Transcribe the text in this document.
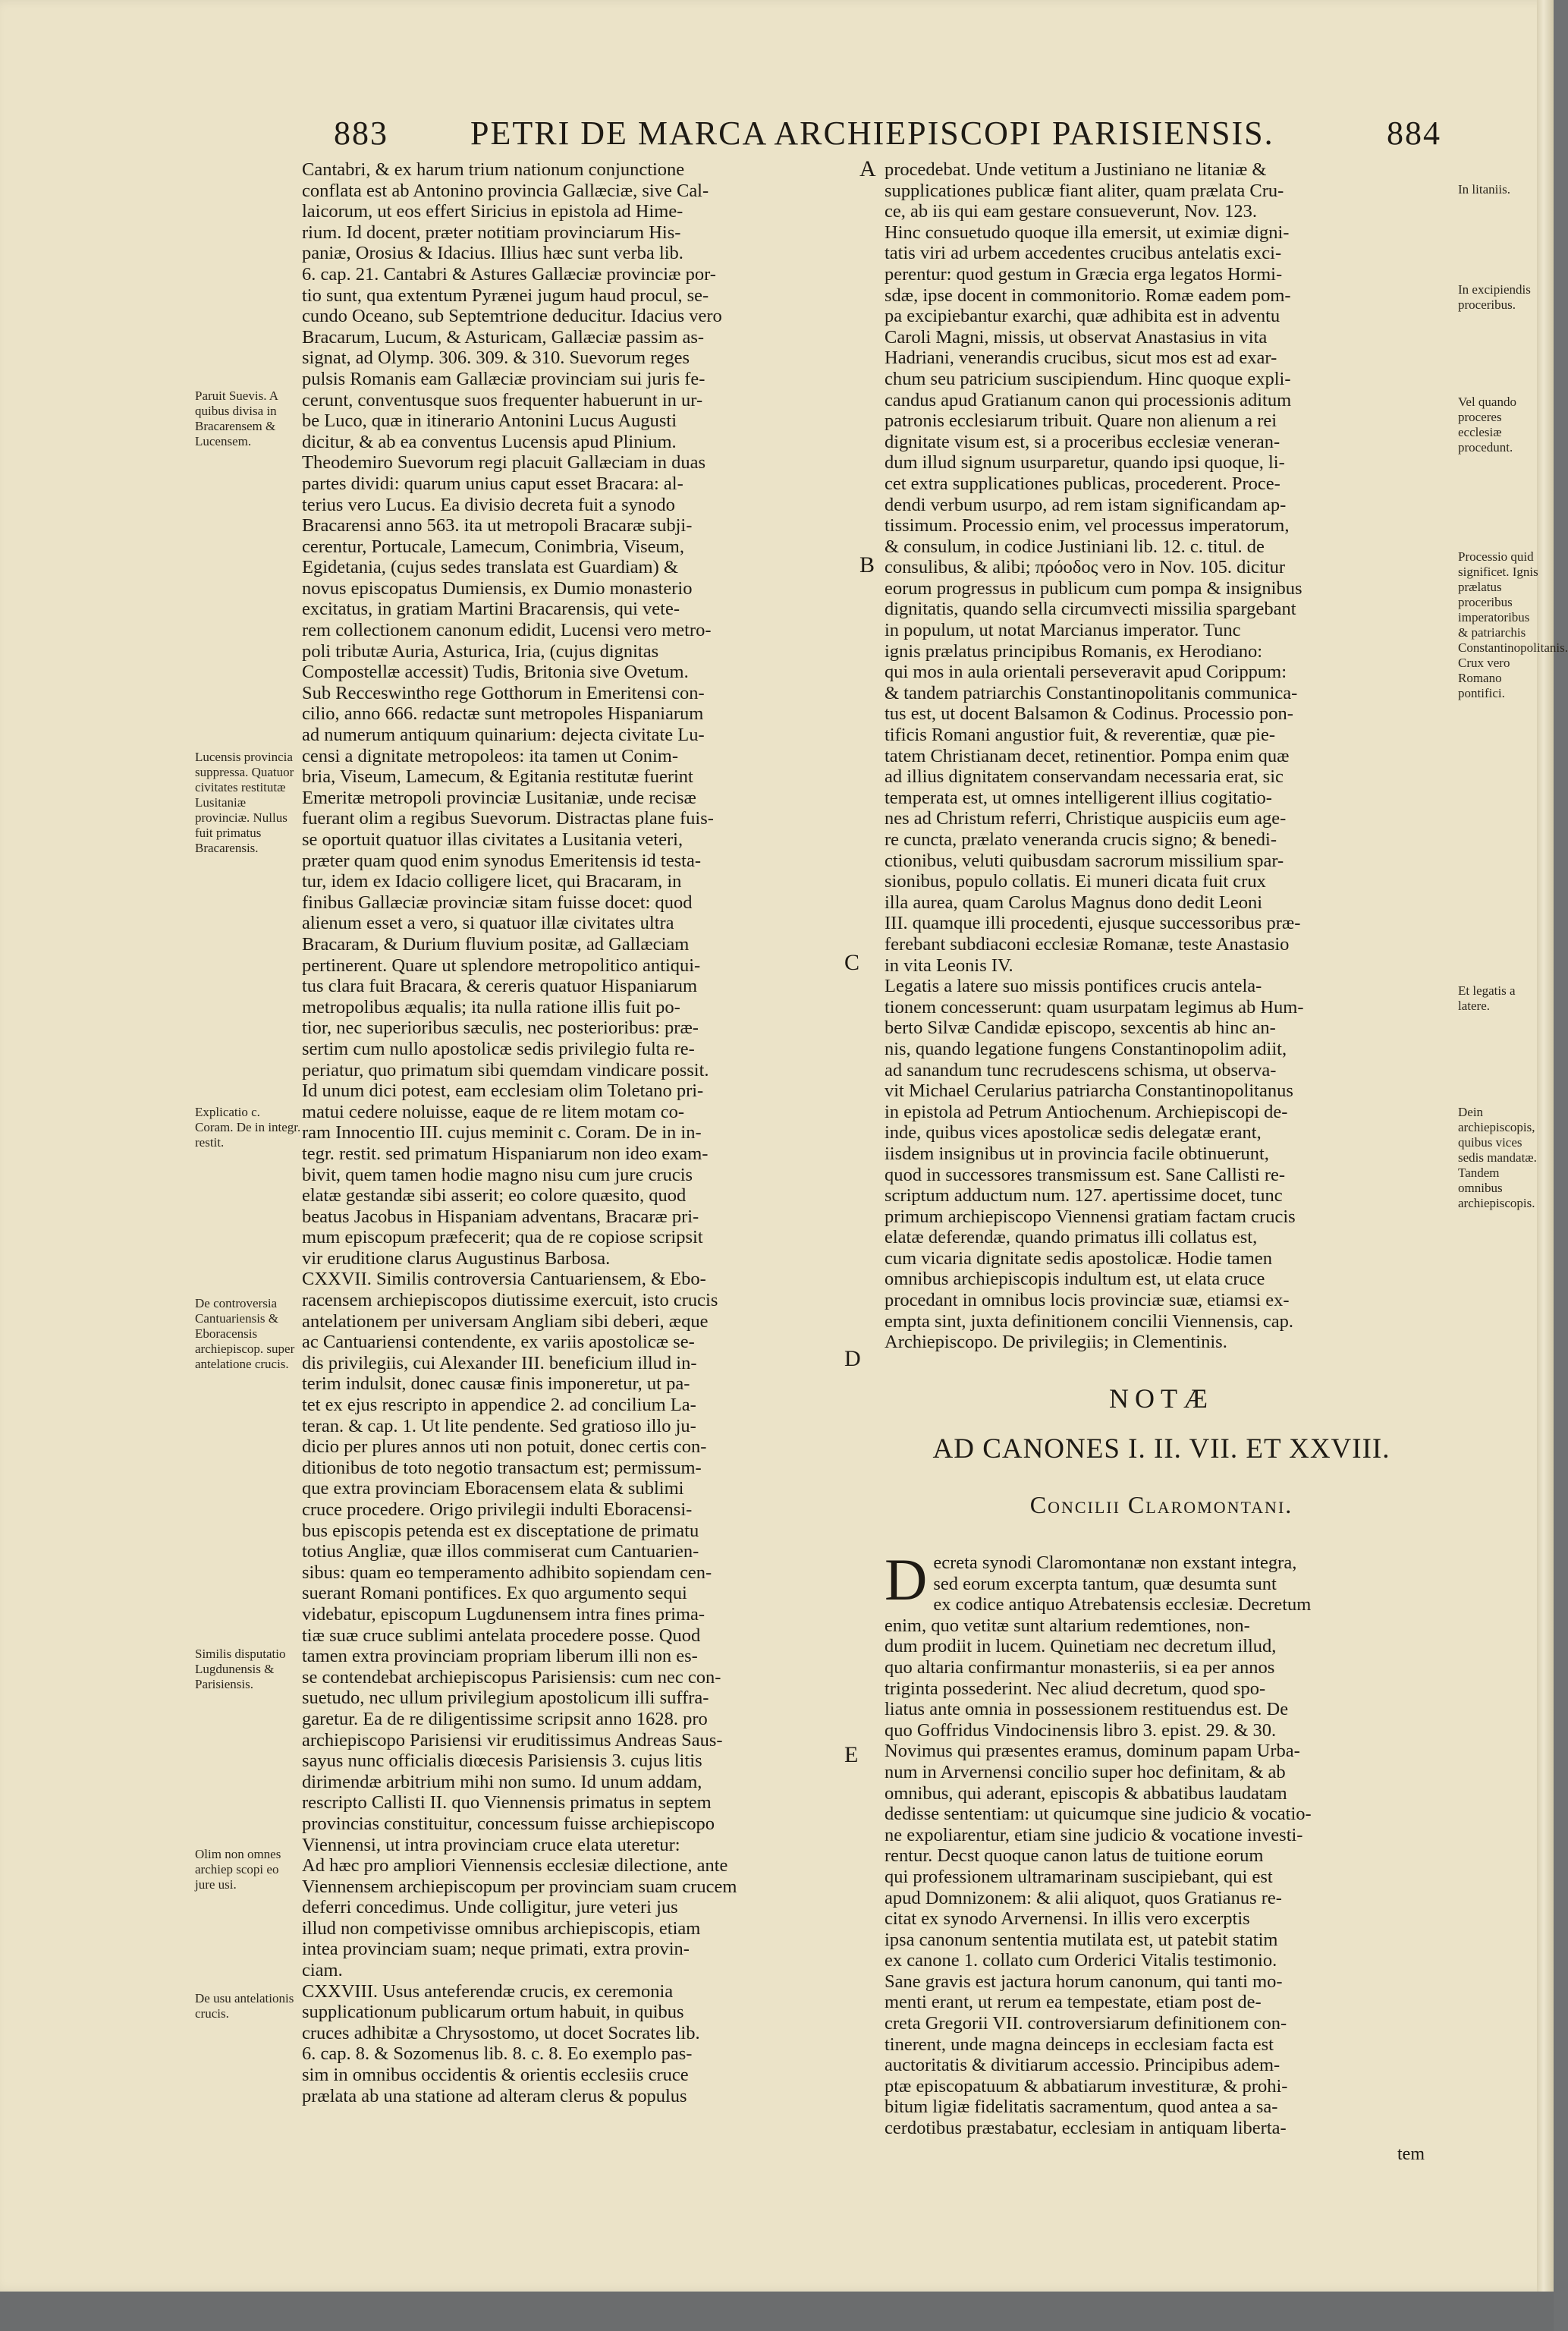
883 PETRI DE MARCA ARCHIEPISCOPI PARISIENSIS.	884
A
B
C
D
E
Cantabri, & ex harum trium nationum conjunctione
conflata est ab Antonino provincia Gallæciæ, sive Cal-
laicorum, ut eos effert Siricius in epistola ad Hime-
rium. Id docent, præter notitiam provinciarum His-
paniæ, Orosius & Idacius. Illius hæc sunt verba lib.
6. cap. 21. Cantabri & Astures Gallæciæ provinciæ por-
tio sunt, qua extentum Pyrænei jugum haud procul, se-
cundo Oceano, sub Septemtrione deducitur. Idacius vero
Bracarum, Lucum, & Asturicam, Gallæciæ passim as-
signat, ad Olymp. 306. 309. & 310. Suevorum reges
pulsis Romanis eam Gallæciæ provinciam sui juris fe-
cerunt, conventusque suos frequenter habuerunt in ur-
be Luco, quæ in itinerario Antonini Lucus Augusti
dicitur, & ab ea conventus Lucensis apud Plinium.
Theodemiro Suevorum regi placuit Gallæciam in duas
partes dividi: quarum unius caput esset Bracara: al-
terius vero Lucus. Ea divisio decreta fuit a synodo
Bracarensi anno 563. ita ut metropoli Bracaræ subji-
cerentur, Portucale, Lamecum, Conimbria, Viseum,
Egidetania, (cujus sedes translata est Guardiam) &
novus episcopatus Dumiensis, ex Dumio monasterio
excitatus, in gratiam Martini Bracarensis, qui vete-
rem collectionem canonum edidit, Lucensi vero metro-
poli tributæ Auria, Asturica, Iria, (cujus dignitas
Compostellæ accessit) Tudis, Britonia sive Ovetum.
Sub Recceswintho rege Gotthorum in Emeritensi con-
cilio, anno 666. redactæ sunt metropoles Hispaniarum
ad numerum antiquum quinarium: dejecta civitate Lu-
censi a dignitate metropoleos: ita tamen ut Conim-
bria, Viseum, Lamecum, & Egitania restitutæ fuerint
Emeritæ metropoli provinciæ Lusitaniæ, unde recisæ
fuerant olim a regibus Suevorum. Distractas plane fuis-
se oportuit quatuor illas civitates a Lusitania veteri,
præter quam quod enim synodus Emeritensis id testa-
tur, idem ex Idacio colligere licet, qui Bracaram, in
finibus Gallæciæ provinciæ sitam fuisse docet: quod
alienum esset a vero, si quatuor illæ civitates ultra
Bracaram, & Durium fluvium positæ, ad Gallæciam
pertinerent. Quare ut splendore metropolitico antiqui-
tus clara fuit Bracara, & cereris quatuor Hispaniarum
metropolibus æqualis; ita nulla ratione illis fuit po-
tior, nec superioribus sæculis, nec posterioribus: præ-
sertim cum nullo apostolicæ sedis privilegio fulta re-
periatur, quo primatum sibi quemdam vindicare possit.
Id unum dici potest, eam ecclesiam olim Toletano pri-
matui cedere noluisse, eaque de re litem motam co-
ram Innocentio III. cujus meminit c. Coram. De in in-
tegr. restit. sed primatum Hispaniarum non ideo exam-
bivit, quem tamen hodie magno nisu cum jure crucis
elatæ gestandæ sibi asserit; eo colore quæsito, quod
beatus Jacobus in Hispaniam adventans, Bracaræ pri-
mum episcopum præfecerit; qua de re copiose scripsit
vir eruditione clarus Augustinus Barbosa.
CXXVII. Similis controversia Cantuariensem, & Ebo-
racensem archiepiscopos diutissime exercuit, isto crucis
antelationem per universam Angliam sibi deberi, æque
ac Cantuariensi contendente, ex variis apostolicæ se-
dis privilegiis, cui Alexander III. beneficium illud in-
terim indulsit, donec causæ finis imponeretur, ut pa-
tet ex ejus rescripto in appendice 2. ad concilium La-
teran. & cap. 1. Ut lite pendente. Sed gratioso illo ju-
dicio per plures annos uti non potuit, donec certis con-
ditionibus de toto negotio transactum est; permissum-
que extra provinciam Eboracensem elata & sublimi
cruce procedere. Origo privilegii indulti Eboracensi-
bus episcopis petenda est ex disceptatione de primatu
totius Angliæ, quæ illos commiserat cum Cantuarien-
sibus: quam eo temperamento adhibito sopiendam cen-
suerant Romani pontifices. Ex quo argumento sequi
videbatur, episcopum Lugdunensem intra fines prima-
tiæ suæ cruce sublimi antelata procedere posse. Quod
tamen extra provinciam propriam liberum illi non es-
se contendebat archiepiscopus Parisiensis: cum nec con-
suetudo, nec ullum privilegium apostolicum illi suffra-
garetur. Ea de re diligentissime scripsit anno 1628. pro
archiepiscopo Parisiensi vir eruditissimus Andreas Saus-
sayus nunc officialis diœcesis Parisiensis 3. cujus litis
dirimendæ arbitrium mihi non sumo. Id unum addam,
rescripto Callisti II. quo Viennensis primatus in septem
provincias constituitur, concessum fuisse archiepiscopo
Viennensi, ut intra provinciam cruce elata uteretur:
Ad hæc pro ampliori Viennensis ecclesiæ dilectione, ante
Viennensem archiepiscopum per provinciam suam crucem
deferri concedimus. Unde colligitur, jure veteri jus
illud non competivisse omnibus archiepiscopis, etiam
intea provinciam suam; neque primati, extra provin-
ciam.
CXXVIII. Usus anteferendæ crucis, ex ceremonia
supplicationum publicarum ortum habuit, in quibus
cruces adhibitæ a Chrysostomo, ut docet Socrates lib.
6. cap. 8. & Sozomenus lib. 8. c. 8. Eo exemplo pas-
sim in omnibus occidentis & orientis ecclesiis cruce
prælata ab una statione ad alteram clerus & populus
procedebat. Unde vetitum a Justiniano ne litaniæ &
supplicationes publicæ fiant aliter, quam prælata Cru-
ce, ab iis qui eam gestare consueverunt, Nov. 123.
Hinc consuetudo quoque illa emersit, ut eximiæ digni-
tatis viri ad urbem accedentes crucibus antelatis exci-
perentur: quod gestum in Græcia erga legatos Hormi-
sdæ, ipse docent in commonitorio. Romæ eadem pom-
pa excipiebantur exarchi, quæ adhibita est in adventu
Caroli Magni, missis, ut observat Anastasius in vita
Hadriani, venerandis crucibus, sicut mos est ad exar-
chum seu patricium suscipiendum. Hinc quoque expli-
candus apud Gratianum canon qui processionis aditum
patronis ecclesiarum tribuit. Quare non alienum a rei
dignitate visum est, si a proceribus ecclesiæ veneran-
dum illud signum usurparetur, quando ipsi quoque, li-
cet extra supplicationes publicas, procederent. Proce-
dendi verbum usurpo, ad rem istam significandam ap-
tissimum. Processio enim, vel processus imperatorum,
& consulum, in codice Justiniani lib. 12. c. titul. de
consulibus, & alibi; πρόοδος vero in Nov. 105. dicitur
eorum progressus in publicum cum pompa & insignibus
dignitatis, quando sella circumvecti missilia spargebant
in populum, ut notat Marcianus imperator. Tunc
ignis prælatus principibus Romanis, ex Herodiano:
qui mos in aula orientali perseveravit apud Corippum:
& tandem patriarchis Constantinopolitanis communica-
tus est, ut docent Balsamon & Codinus. Processio pon-
tificis Romani angustior fuit, & reverentiæ, quæ pie-
tatem Christianam decet, retinentior. Pompa enim quæ
ad illius dignitatem conservandam necessaria erat, sic
temperata est, ut omnes intelligerent illius cogitatio-
nes ad Christum referri, Christique auspiciis eum age-
re cuncta, prælato veneranda crucis signo; & benedi-
ctionibus, veluti quibusdam sacrorum missilium spar-
sionibus, populo collatis. Ei muneri dicata fuit crux
illa aurea, quam Carolus Magnus dono dedit Leoni
III. quamque illi procedenti, ejusque successoribus præ-
ferebant subdiaconi ecclesiæ Romanæ, teste Anastasio
in vita Leonis IV.
Legatis a latere suo missis pontifices crucis antela-
tionem concesserunt: quam usurpatam legimus ab Hum-
berto Silvæ Candidæ episcopo, sexcentis ab hinc an-
nis, quando legatione fungens Constantinopolim adiit,
ad sanandum tunc recrudescens schisma, ut observa-
vit Michael Cerularius patriarcha Constantinopolitanus
in epistola ad Petrum Antiochenum. Archiepiscopi de-
inde, quibus vices apostolicæ sedis delegatæ erant,
iisdem insignibus ut in provincia facile obtinuerunt,
quod in successores transmissum est. Sane Callisti re-
scriptum adductum num. 127. apertissime docet, tunc
primum archiepiscopo Viennensi gratiam factam crucis
elatæ deferendæ, quando primatus illi collatus est,
cum vicaria dignitate sedis apostolicæ. Hodie tamen
omnibus archiepiscopis indultum est, ut elata cruce
procedant in omnibus locis provinciæ suæ, etiamsi ex-
empta sint, juxta definitionem concilii Viennensis, cap.
Archiepiscopo. De privilegiis; in Clementinis.
NOTÆ
AD CANONES I. II. VII. ET XXVIII.
Concilii Claromontani.
D ecreta synodi Claromontanæ non exstant integra,
sed eorum excerpta tantum, quæ desumta sunt
ex codice antiquo Atrebatensis ecclesiæ. Decretum
enim, quo vetitæ sunt altarium redemtiones, non-
dum prodiit in lucem. Quinetiam nec decretum illud,
quo altaria confirmantur monasteriis, si ea per annos
triginta possederint. Nec aliud decretum, quod spo-
liatus ante omnia in possessionem restituendus est. De
quo Goffridus Vindocinensis libro 3. epist. 29. & 30.
Novimus qui præsentes eramus, dominum papam Urba-
num in Arvernensi concilio super hoc definitam, & ab
omnibus, qui aderant, episcopis & abbatibus laudatam
dedisse sententiam: ut quicumque sine judicio & vocatio-
ne expoliarentur, etiam sine judicio & vocatione investi-
rentur. Decst quoque canon latus de tuitione eorum
qui professionem ultramarinam suscipiebant, qui est
apud Domnizonem: & alii aliquot, quos Gratianus re-
citat ex synodo Arvernensi. In illis vero excerptis
ipsa canonum sententia mutilata est, ut patebit statim
ex canone 1. collato cum Orderici Vitalis testimonio.
Sane gravis est jactura horum canonum, qui tanti mo-
menti erant, ut rerum ea tempestate, etiam post de-
creta Gregorii VII. controversiarum definitionem con-
tinerent, unde magna deinceps in ecclesiam facta est
auctoritatis & divitiarum accessio. Principibus adem-
ptæ episcopatuum & abbatiarum investituræ, & prohi-
bitum ligiæ fidelitatis sacramentum, quod antea a sa-
cerdotibus præstabatur, ecclesiam in antiquam liberta-
tem
Paruit Suevis. A quibus divisa in Bracarensem & Lucensem.
Lucensis provincia suppressa. Quatuor civitates restitutæ Lusitaniæ provinciæ. Nullus fuit primatus Bracarensis.
Explicatio c. Coram. De in integr. restit.
De controversia Cantuariensis & Eboracensis archiepiscop. super antelatione crucis.
Similis disputatio Lugdunensis & Parisiensis.
Olim non omnes archiep scopi eo jure usi.
De usu antelationis crucis.
In litaniis.
In excipiendis proceribus.
Vel quando proceres ecclesiæ procedunt.
Processio quid significet. Ignis prælatus proceribus imperatoribus & patriarchis Constantinopolitanis. Crux vero Romano pontifici.
Et legatis a latere.
Dein archiepiscopis, quibus vices sedis mandatæ. Tandem omnibus archiepiscopis.
